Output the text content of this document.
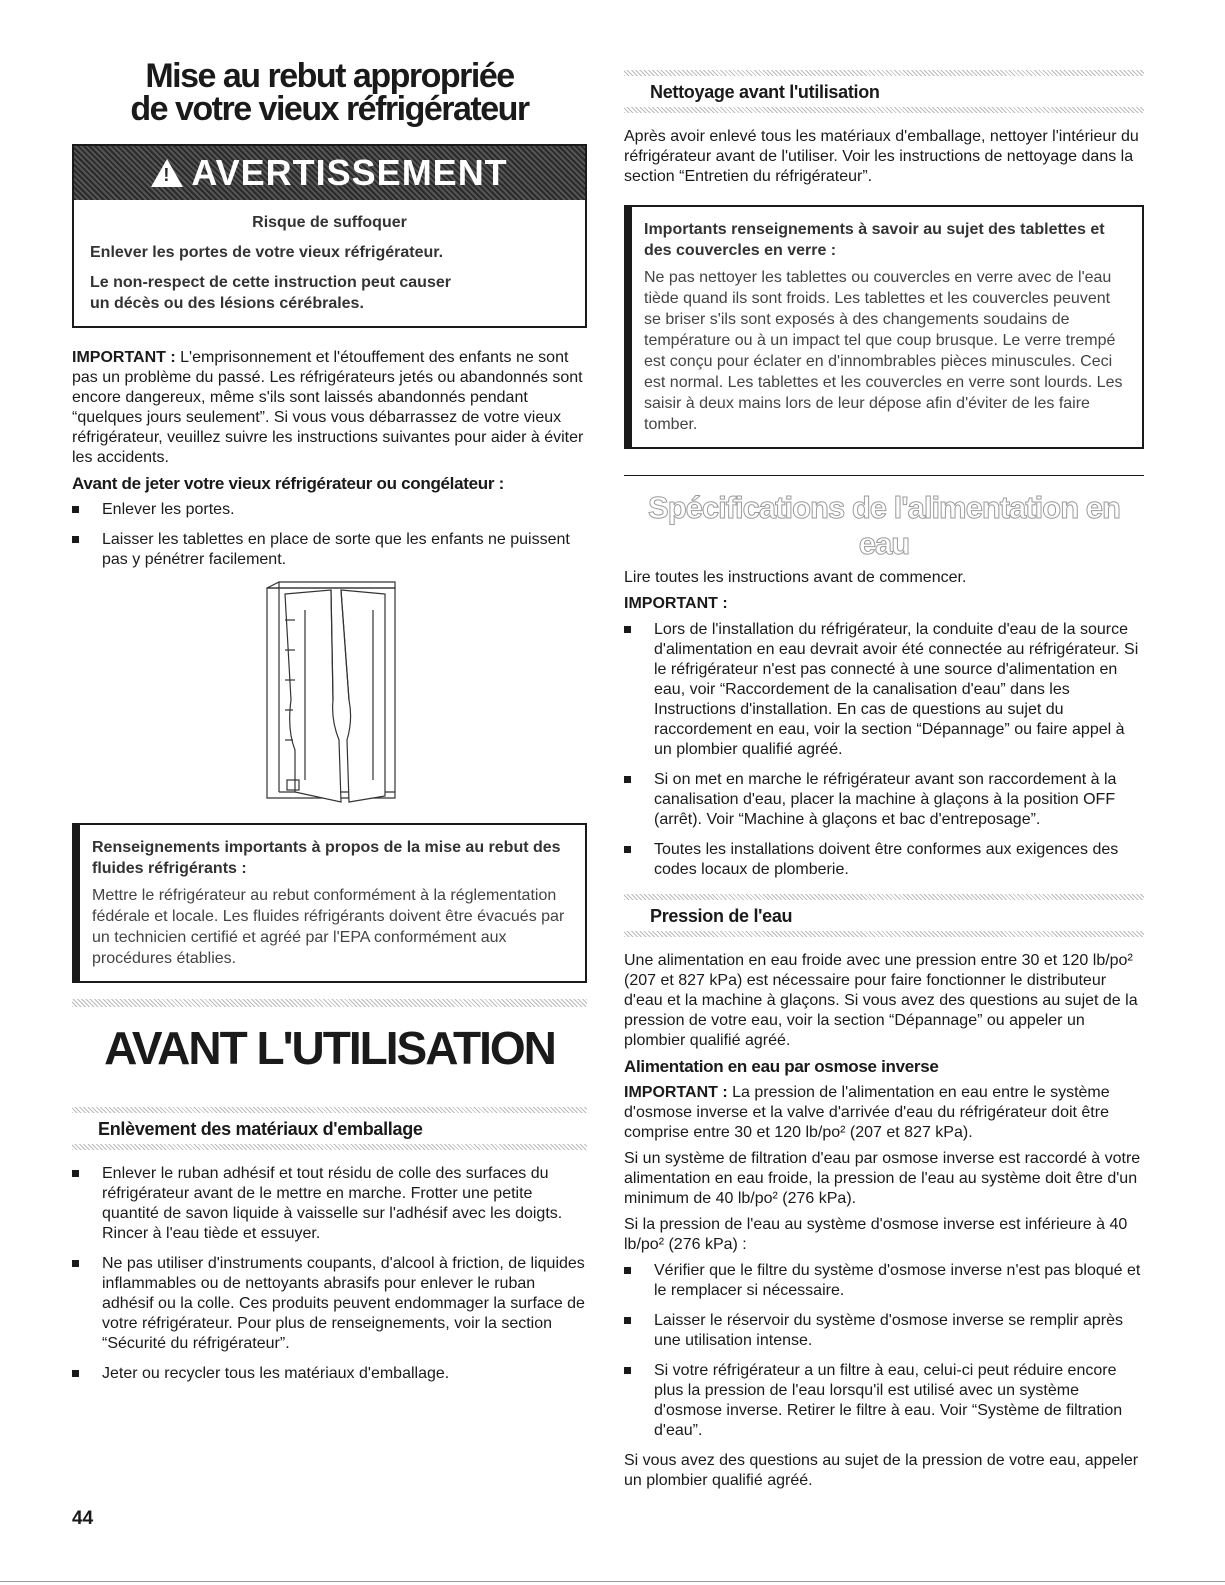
Mise au rebut appropriée
de votre vieux réfrigérateur
! AVERTISSEMENT

Risque de suffoquer

Enlever les portes de votre vieux réfrigérateur.

Le non-respect de cette instruction peut causer
un décès ou des lésions cérébrales.

IMPORTANT : L'emprisonnement et l'étouffement des enfants ne sont pas un problème du passé. Les réfrigérateurs jetés ou abandonnés sont encore dangereux, même s'ils sont laissés abandonnés pendant “quelques jours seulement”. Si vous vous débarrassez de votre vieux réfrigérateur, veuillez suivre les instructions suivantes pour aider à éviter les accidents.

Avant de jeter votre vieux réfrigérateur ou congélateur :
Enlever les portes.
Laisser les tablettes en place de sorte que les enfants ne puissent pas y pénétrer facilement.

Renseignements importants à propos de la mise au rebut des fluides réfrigérants :

Mettre le réfrigérateur au rebut conformément à la réglementation fédérale et locale. Les fluides réfrigérants doivent être évacués par un technicien certifié et agréé par l'EPA conformément aux procédures établies.

AVANT L'UTILISATION
Enlèvement des matériaux d'emballage
Enlever le ruban adhésif et tout résidu de colle des surfaces du réfrigérateur avant de le mettre en marche. Frotter une petite quantité de savon liquide à vaisselle sur l'adhésif avec les doigts. Rincer à l'eau tiède et essuyer.
Ne pas utiliser d'instruments coupants, d'alcool à friction, de liquides inflammables ou de nettoyants abrasifs pour enlever le ruban adhésif ou la colle. Ces produits peuvent endommager la surface de votre réfrigérateur. Pour plus de renseignements, voir la section “Sécurité du réfrigérateur”.
Jeter ou recycler tous les matériaux d'emballage.
Nettoyage avant l'utilisation

Après avoir enlevé tous les matériaux d'emballage, nettoyer l'intérieur du réfrigérateur avant de l'utiliser. Voir les instructions de nettoyage dans la section “Entretien du réfrigérateur”.

Importants renseignements à savoir au sujet des tablettes et des couvercles en verre :

Ne pas nettoyer les tablettes ou couvercles en verre avec de l'eau tiède quand ils sont froids. Les tablettes et les couvercles peuvent se briser s'ils sont exposés à des changements soudains de température ou à un impact tel que coup brusque. Le verre trempé est conçu pour éclater en d'innombrables pièces minuscules. Ceci est normal. Les tablettes et les couvercles en verre sont lourds. Les saisir à deux mains lors de leur dépose afin d'éviter de les faire tomber.

Spécifications de l'alimentation en eau

Lire toutes les instructions avant de commencer.

IMPORTANT :

Lors de l'installation du réfrigérateur, la conduite d'eau de la source d'alimentation en eau devrait avoir été connectée au réfrigérateur. Si le réfrigérateur n'est pas connecté à une source d'alimentation en eau, voir “Raccordement de la canalisation d'eau” dans les Instructions d'installation. En cas de questions au sujet du raccordement en eau, voir la section “Dépannage” ou faire appel à un plombier qualifié agréé.
Si on met en marche le réfrigérateur avant son raccordement à la canalisation d'eau, placer la machine à glaçons à la position OFF (arrêt). Voir “Machine à glaçons et bac d'entreposage”.
Toutes les installations doivent être conformes aux exigences des codes locaux de plomberie.
Pression de l'eau

Une alimentation en eau froide avec une pression entre 30 et 120 lb/po² (207 et 827 kPa) est nécessaire pour faire fonctionner le distributeur d'eau et la machine à glaçons. Si vous avez des questions au sujet de la pression de votre eau, voir la section “Dépannage” ou appeler un plombier qualifié agréé.

Alimentation en eau par osmose inverse

IMPORTANT : La pression de l'alimentation en eau entre le système d'osmose inverse et la valve d'arrivée d'eau du réfrigérateur doit être comprise entre 30 et 120 lb/po² (207 et 827 kPa).

Si un système de filtration d'eau par osmose inverse est raccordé à votre alimentation en eau froide, la pression de l'eau au système doit être d'un minimum de 40 lb/po² (276 kPa).

Si la pression de l'eau au système d'osmose inverse est inférieure à 40 lb/po² (276 kPa) :

Vérifier que le filtre du système d'osmose inverse n'est pas bloqué et le remplacer si nécessaire.
Laisser le réservoir du système d'osmose inverse se remplir après une utilisation intense.
Si votre réfrigérateur a un filtre à eau, celui-ci peut réduire encore plus la pression de l'eau lorsqu'il est utilisé avec un système d'osmose inverse. Retirer le filtre à eau. Voir “Système de filtration d'eau”.

Si vous avez des questions au sujet de la pression de votre eau, appeler un plombier qualifié agréé.

44
